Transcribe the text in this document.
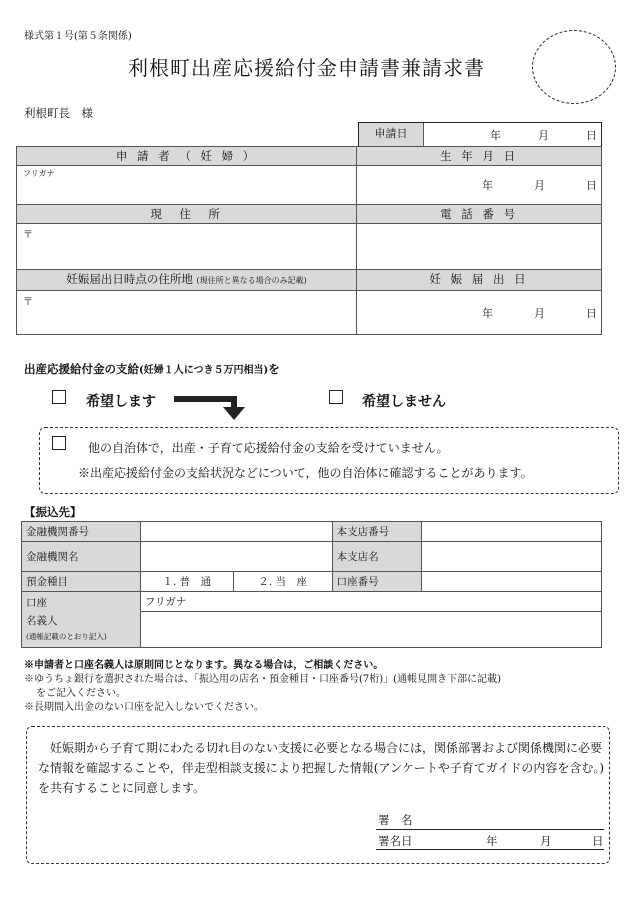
様式第１号(第５条関係)
利根町出産応援給付金申請書兼請求書
利根町長　様
申請日	年	月	日
申 請 者 （ 妊 婦 ）	生 年 月 日

フリガナ	年 月 日

現　住　所	電 話 番 号

〒	

妊娠届出日時点の住所地 (現住所と異なる場合のみ記載)	妊 娠 届 出 日

〒	年 月 日
出産応援給付金の支給(妊婦１人につき５万円相当)を
希望します	希望しません
他の自治体で，出産・子育て応援給付金の支給を受けていません。
※出産応援給付金の支給状況などについて，他の自治体に確認することがあります。
【振込先】
金融機関番号			本支店番号	
金融機関名			本支店名	
預金種目	１. 普　通	２. 当　座	口座番号	

口座
名義人
(通帳記載のとおり記入)	フリガナ			

※申請者と口座名義人は原則同じとなります。異なる場合は，ご相談ください。
※ゆうちょ銀行を選択された場合は、「振込用の店名・預金種目・口座番号(7桁)」(通帳見開き下部に記載)
をご記入ください。
※長期間入出金のない口座を記入しないでください。
妊娠期から子育て期にわたる切れ目のない支援に必要となる場合には，関係部署および関係機関に必要な情報を確認することや，伴走型相談支援により把握した情報(アンケートや子育てガイドの内容を含む。)を共有することに同意します。
署　名
署名日	年	月	日
